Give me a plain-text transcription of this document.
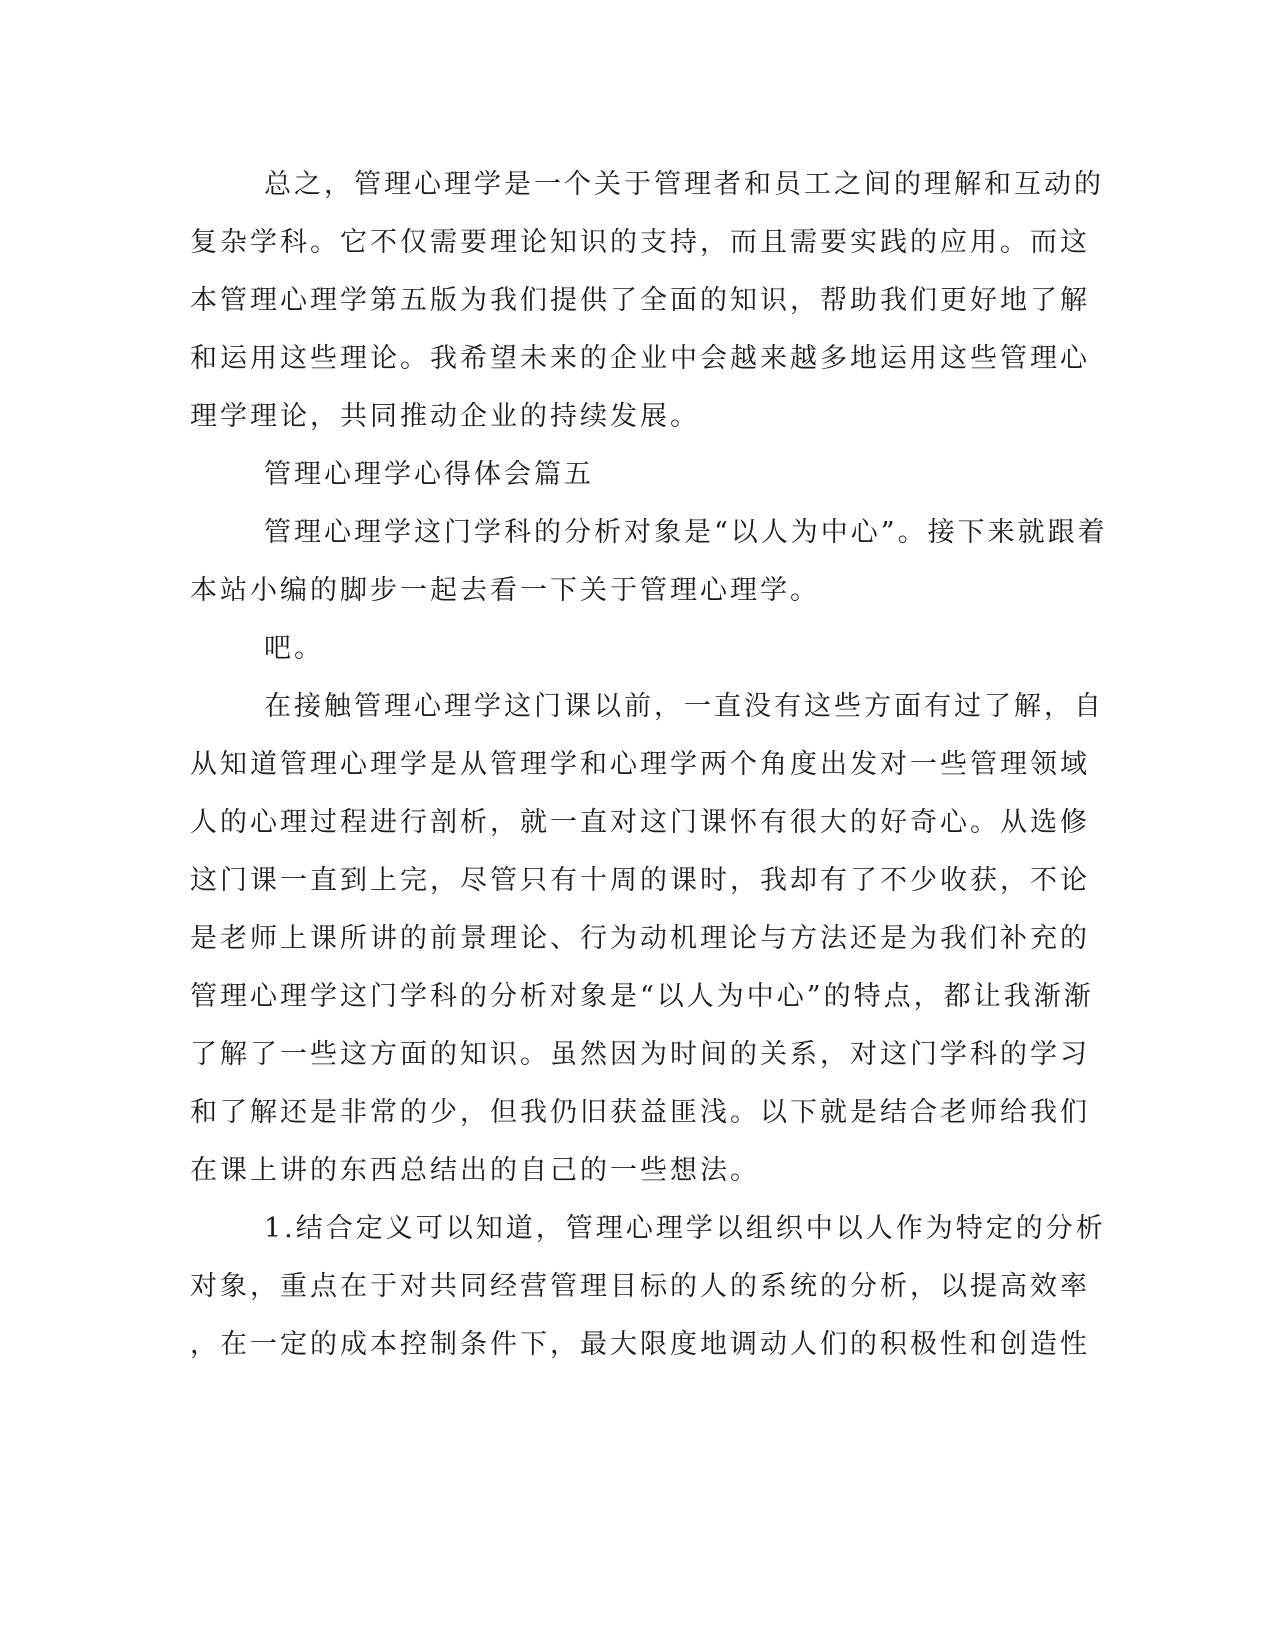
总之，管理心理学是一个关于管理者和员工之间的理解和互动的
复杂学科。它不仅需要理论知识的支持，而且需要实践的应用。而这
本管理心理学第五版为我们提供了全面的知识，帮助我们更好地了解
和运用这些理论。我希望未来的企业中会越来越多地运用这些管理心
理学理论，共同推动企业的持续发展。
管理心理学心得体会篇五
管理心理学这门学科的分析对象是“以人为中心”。接下来就跟着
本站小编的脚步一起去看一下关于管理心理学。
吧。
在接触管理心理学这门课以前，一直没有这些方面有过了解，自
从知道管理心理学是从管理学和心理学两个角度出发对一些管理领域
人的心理过程进行剖析，就一直对这门课怀有很大的好奇心。从选修
这门课一直到上完，尽管只有十周的课时，我却有了不少收获，不论
是老师上课所讲的前景理论、行为动机理论与方法还是为我们补充的
管理心理学这门学科的分析对象是“以人为中心”的特点，都让我渐渐
了解了一些这方面的知识。虽然因为时间的关系，对这门学科的学习
和了解还是非常的少，但我仍旧获益匪浅。以下就是结合老师给我们
在课上讲的东西总结出的自己的一些想法。
1.结合定义可以知道，管理心理学以组织中以人作为特定的分析
对象，重点在于对共同经营管理目标的人的系统的分析，以提高效率
，在一定的成本控制条件下，最大限度地调动人们的积极性和创造性
